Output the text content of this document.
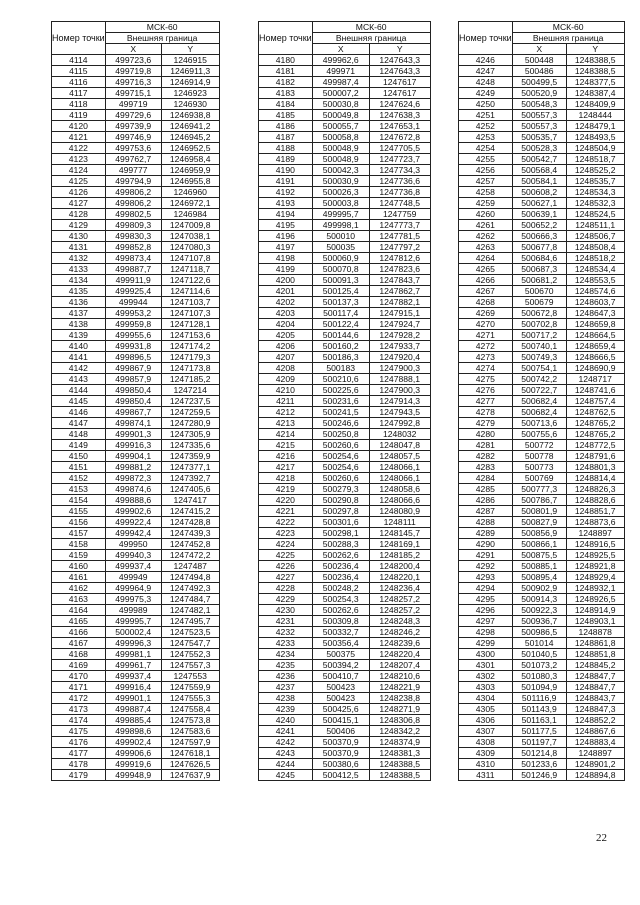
Номер точки	МСК-60	
	Внешняя граница	
	X	Y
4114	499723,6	1246915
4115	499719,8	1246911,3
4116	499716,3	1246914,9
4117	499715,1	1246923
4118	499719	1246930
4119	499729,6	1246938,8
4120	499739,9	1246941,2
4121	499746,9	1246945,2
4122	499753,6	1246952,5
4123	499762,7	1246958,4
4124	499777	1246959,9
4125	499794,9	1246955,8
4126	499806,2	1246960
4127	499806,2	1246972,1
4128	499802,5	1246984
4129	499809,3	1247009,8
4130	499830,3	1247038,1
4131	499852,8	1247080,3
4132	499873,4	1247107,8
4133	499887,7	1247118,7
4134	499911,9	1247122,6
4135	499925,4	1247114,6
4136	499944	1247103,7
4137	499953,2	1247107,3
4138	499959,8	1247128,1
4139	499955,6	1247153,6
4140	499931,8	1247174,2
4141	499896,5	1247179,3
4142	499867,9	1247173,8
4143	499857,9	1247185,2
4144	499850,4	1247214
4145	499850,4	1247237,5
4146	499867,7	1247259,5
4147	499874,1	1247280,9
4148	499901,3	1247305,9
4149	499916,3	1247335,6
4150	499904,1	1247359,9
4151	499881,2	1247377,1
4152	499872,3	1247392,7
4153	499874,6	1247405,6
4154	499888,6	1247417
4155	499902,6	1247415,2
4156	499922,4	1247428,8
4157	499942,4	1247439,3
4158	499950	1247452,8
4159	499940,3	1247472,2
4160	499937,4	1247487
4161	499949	1247494,8
4162	499964,9	1247492,3
4163	499975,3	1247484,7
4164	499989	1247482,1
4165	499995,7	1247495,7
4166	500002,4	1247523,5
4167	499996,3	1247547,7
4168	499981,1	1247552,3
4169	499961,7	1247557,3
4170	499937,4	1247553
4171	499916,4	1247559,9
4172	499901,1	1247555,3
4173	499887,4	1247558,4
4174	499885,4	1247573,8
4175	499898,6	1247583,6
4176	499902,4	1247597,9
4177	499906,6	1247618,1
4178	499919,6	1247626,5
4179	499948,9	1247637,9
Номер точки	МСК-60	
	Внешняя граница	
	X	Y
4180	499962,6	1247643,3
4181	499971	1247643,3
4182	499987,4	1247617
4183	500007,2	1247617
4184	500030,8	1247624,6
4185	500049,8	1247638,3
4186	500055,7	1247653,1
4187	500058,8	1247672,8
4188	500048,9	1247705,5
4189	500048,9	1247723,7
4190	500042,3	1247734,3
4191	500030,9	1247736,6
4192	500026,3	1247736,8
4193	500003,8	1247748,5
4194	499995,7	1247759
4195	499998,1	1247773,7
4196	500010	1247781,5
4197	500035	1247797,2
4198	500060,9	1247812,6
4199	500070,8	1247823,6
4200	500091,3	1247843,7
4201	500125,4	1247862,7
4202	500137,3	1247882,1
4203	500117,4	1247915,1
4204	500122,4	1247924,7
4205	500144,6	1247928,2
4206	500160,2	1247933,7
4207	500186,3	1247920,4
4208	500183	1247900,3
4209	500210,6	1247888,1
4210	500225,6	1247900,3
4211	500231,6	1247914,3
4212	500241,5	1247943,5
4213	500246,6	1247992,8
4214	500250,8	1248032
4215	500260,6	1248047,8
4216	500254,6	1248057,5
4217	500254,6	1248066,1
4218	500260,6	1248066,1
4219	500279,3	1248058,6
4220	500290,8	1248066,6
4221	500297,8	1248080,9
4222	500301,6	1248111
4223	500298,1	1248145,7
4224	500288,3	1248169,1
4225	500262,6	1248185,2
4226	500236,4	1248200,4
4227	500236,4	1248220,1
4228	500248,2	1248236,4
4229	500254,3	1248257,2
4230	500262,6	1248257,2
4231	500309,8	1248248,3
4232	500332,7	1248246,2
4233	500356,4	1248239,6
4234	500375	1248220,4
4235	500394,2	1248207,4
4236	500410,7	1248210,6
4237	500423	1248221,9
4238	500423	1248238,8
4239	500425,6	1248271,9
4240	500415,1	1248306,8
4241	500406	1248342,2
4242	500370,9	1248374,9
4243	500370,9	1248381,3
4244	500380,6	1248388,5
4245	500412,5	1248388,5
Номер точки	МСК-60	
	Внешняя граница	
	X	Y
4246	500448	1248388,5
4247	500486	1248388,5
4248	500499,5	1248377,5
4249	500520,9	1248387,4
4250	500548,3	1248409,9
4251	500557,3	1248444
4252	500557,3	1248479,1
4253	500535,7	1248493,5
4254	500528,3	1248504,9
4255	500542,7	1248518,7
4256	500568,4	1248525,2
4257	500584,1	1248535,7
4258	500608,2	1248534,3
4259	500627,1	1248532,3
4260	500639,1	1248524,5
4261	500652,2	1248511,1
4262	500666,3	1248506,7
4263	500677,8	1248508,4
4264	500684,6	1248518,2
4265	500687,3	1248534,4
4266	500681,2	1248553,5
4267	500670	1248574,6
4268	500679	1248603,7
4269	500672,8	1248647,3
4270	500702,8	1248659,8
4271	500717,2	1248664,5
4272	500740,1	1248659,4
4273	500749,3	1248666,5
4274	500754,1	1248690,9
4275	500742,2	1248717
4276	500722,7	1248741,6
4277	500682,4	1248757,4
4278	500682,4	1248762,5
4279	500713,6	1248765,2
4280	500755,6	1248765,2
4281	500772	1248772,5
4282	500778	1248791,6
4283	500773	1248801,3
4284	500769	1248814,4
4285	500777,3	1248826,3
4286	500786,7	1248828,6
4287	500801,9	1248851,7
4288	500827,9	1248873,6
4289	500856,9	1248897
4290	500866,1	1248916,5
4291	500875,5	1248925,5
4292	500885,1	1248921,8
4293	500895,4	1248929,4
4294	500902,9	1248932,1
4295	500914,3	1248926,5
4296	500922,3	1248914,9
4297	500936,7	1248903,1
4298	500986,5	1248878
4299	501014	1248861,8
4300	501040,5	1248851,8
4301	501073,2	1248845,2
4302	501080,3	1248847,7
4303	501094,9	1248847,7
4304	501116,9	1248843,7
4305	501143,9	1248847,3
4306	501163,1	1248852,2
4307	501177,5	1248867,6
4308	501197,7	1248883,4
4309	501214,8	1248897
4310	501233,6	1248901,2
4311	501246,9	1248894,8
22
